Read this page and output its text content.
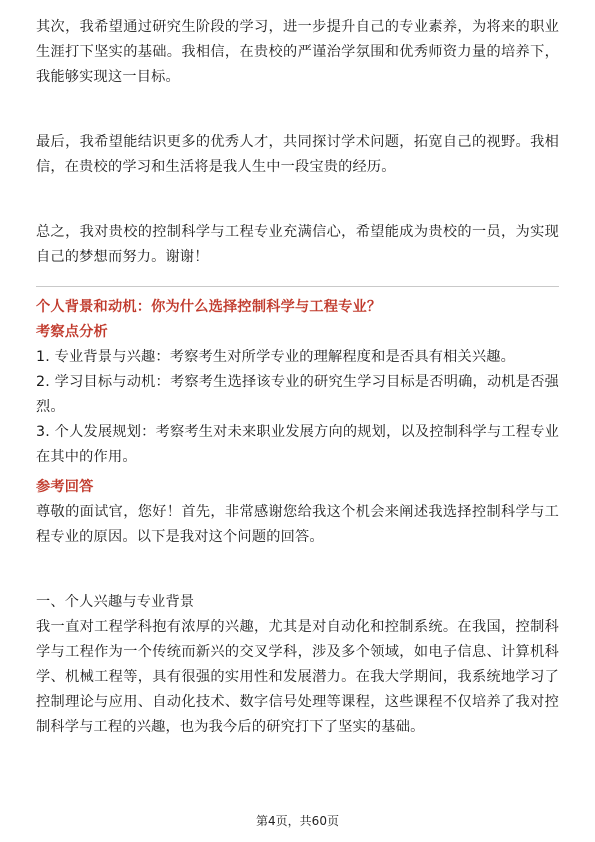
其次，我希望通过研究生阶段的学习，进一步提升自己的专业素养，为将来的职业生涯打下坚实的基础。我相信，在贵校的严谨治学氛围和优秀师资力量的培养下，我能够实现这一目标。

最后，我希望能结识更多的优秀人才，共同探讨学术问题，拓宽自己的视野。我相信，在贵校的学习和生活将是我人生中一段宝贵的经历。

总之，我对贵校的控制科学与工程专业充满信心，希望能成为贵校的一员，为实现自己的梦想而努力。谢谢！

个人背景和动机：你为什么选择控制科学与工程专业？

考察点分析

1. 专业背景与兴趣：考察考生对所学专业的理解程度和是否具有相关兴趣。

2. 学习目标与动机：考察考生选择该专业的研究生学习目标是否明确，动机是否强烈。

3. 个人发展规划：考察考生对未来职业发展方向的规划，以及控制科学与工程专业在其中的作用。

参考回答

尊敬的面试官，您好！首先，非常感谢您给我这个机会来阐述我选择控制科学与工程专业的原因。以下是我对这个问题的回答。

一、个人兴趣与专业背景

我一直对工程学科抱有浓厚的兴趣，尤其是对自动化和控制系统。在我国，控制科学与工程作为一个传统而新兴的交叉学科，涉及多个领域，如电子信息、计算机科学、机械工程等，具有很强的实用性和发展潜力。在我大学期间，我系统地学习了控制理论与应用、自动化技术、数字信号处理等课程，这些课程不仅培养了我对控制科学与工程的兴趣，也为我今后的研究打下了坚实的基础。

第4页，共60页
